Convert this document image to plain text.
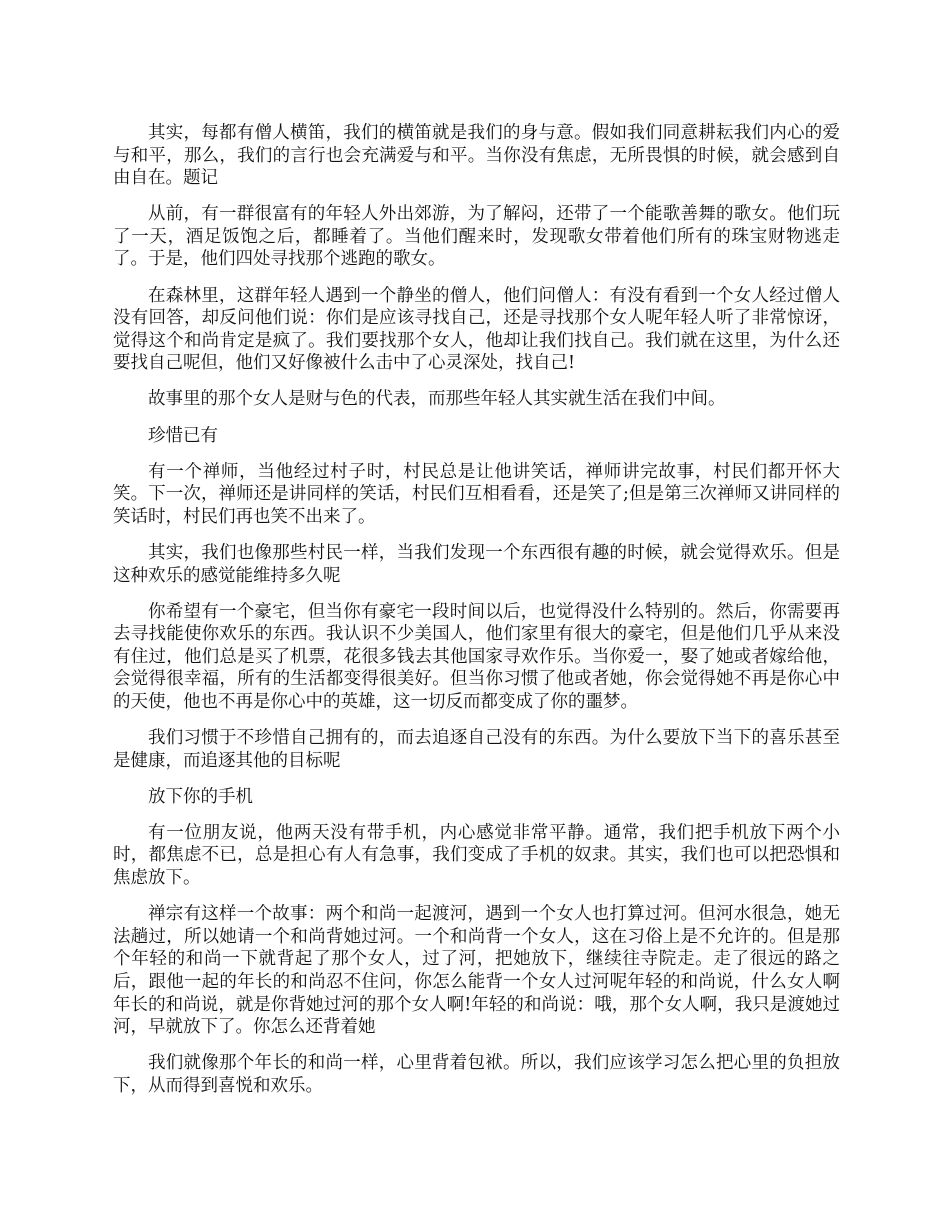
其实，每都有僧人横笛，我们的横笛就是我们的身与意。假如我们同意耕耘我们内心的爱与和平，那么，我们的言行也会充满爱与和平。当你没有焦虑，无所畏惧的时候，就会感到自由自在。题记

从前，有一群很富有的年轻人外出郊游，为了解闷，还带了一个能歌善舞的歌女。他们玩了一天，酒足饭饱之后，都睡着了。当他们醒来时，发现歌女带着他们所有的珠宝财物逃走了。于是，他们四处寻找那个逃跑的歌女。

在森林里，这群年轻人遇到一个静坐的僧人，他们问僧人：有没有看到一个女人经过僧人没有回答，却反问他们说：你们是应该寻找自己，还是寻找那个女人呢年轻人听了非常惊讶，觉得这个和尚肯定是疯了。我们要找那个女人，他却让我们找自己。我们就在这里，为什么还要找自己呢但，他们又好像被什么击中了心灵深处，找自己!

故事里的那个女人是财与色的代表，而那些年轻人其实就生活在我们中间。

珍惜已有

有一个禅师，当他经过村子时，村民总是让他讲笑话，禅师讲完故事，村民们都开怀大笑。下一次，禅师还是讲同样的笑话，村民们互相看看，还是笑了;但是第三次禅师又讲同样的笑话时，村民们再也笑不出来了。

其实，我们也像那些村民一样，当我们发现一个东西很有趣的时候，就会觉得欢乐。但是这种欢乐的感觉能维持多久呢

你希望有一个豪宅，但当你有豪宅一段时间以后，也觉得没什么特别的。然后，你需要再去寻找能使你欢乐的东西。我认识不少美国人，他们家里有很大的豪宅，但是他们几乎从来没有住过，他们总是买了机票，花很多钱去其他国家寻欢作乐。当你爱一，娶了她或者嫁给他，会觉得很幸福，所有的生活都变得很美好。但当你习惯了他或者她，你会觉得她不再是你心中的天使，他也不再是你心中的英雄，这一切反而都变成了你的噩梦。

我们习惯于不珍惜自己拥有的，而去追逐自己没有的东西。为什么要放下当下的喜乐甚至是健康，而追逐其他的目标呢

放下你的手机

有一位朋友说，他两天没有带手机，内心感觉非常平静。通常，我们把手机放下两个小时，都焦虑不已，总是担心有人有急事，我们变成了手机的奴隶。其实，我们也可以把恐惧和焦虑放下。

禅宗有这样一个故事：两个和尚一起渡河，遇到一个女人也打算过河。但河水很急，她无法趟过，所以她请一个和尚背她过河。一个和尚背一个女人，这在习俗上是不允许的。但是那个年轻的和尚一下就背起了那个女人，过了河，把她放下，继续往寺院走。走了很远的路之后，跟他一起的年长的和尚忍不住问，你怎么能背一个女人过河呢年轻的和尚说，什么女人啊年长的和尚说，就是你背她过河的那个女人啊!年轻的和尚说：哦，那个女人啊，我只是渡她过河，早就放下了。你怎么还背着她

我们就像那个年长的和尚一样，心里背着包袱。所以，我们应该学习怎么把心里的负担放下，从而得到喜悦和欢乐。
